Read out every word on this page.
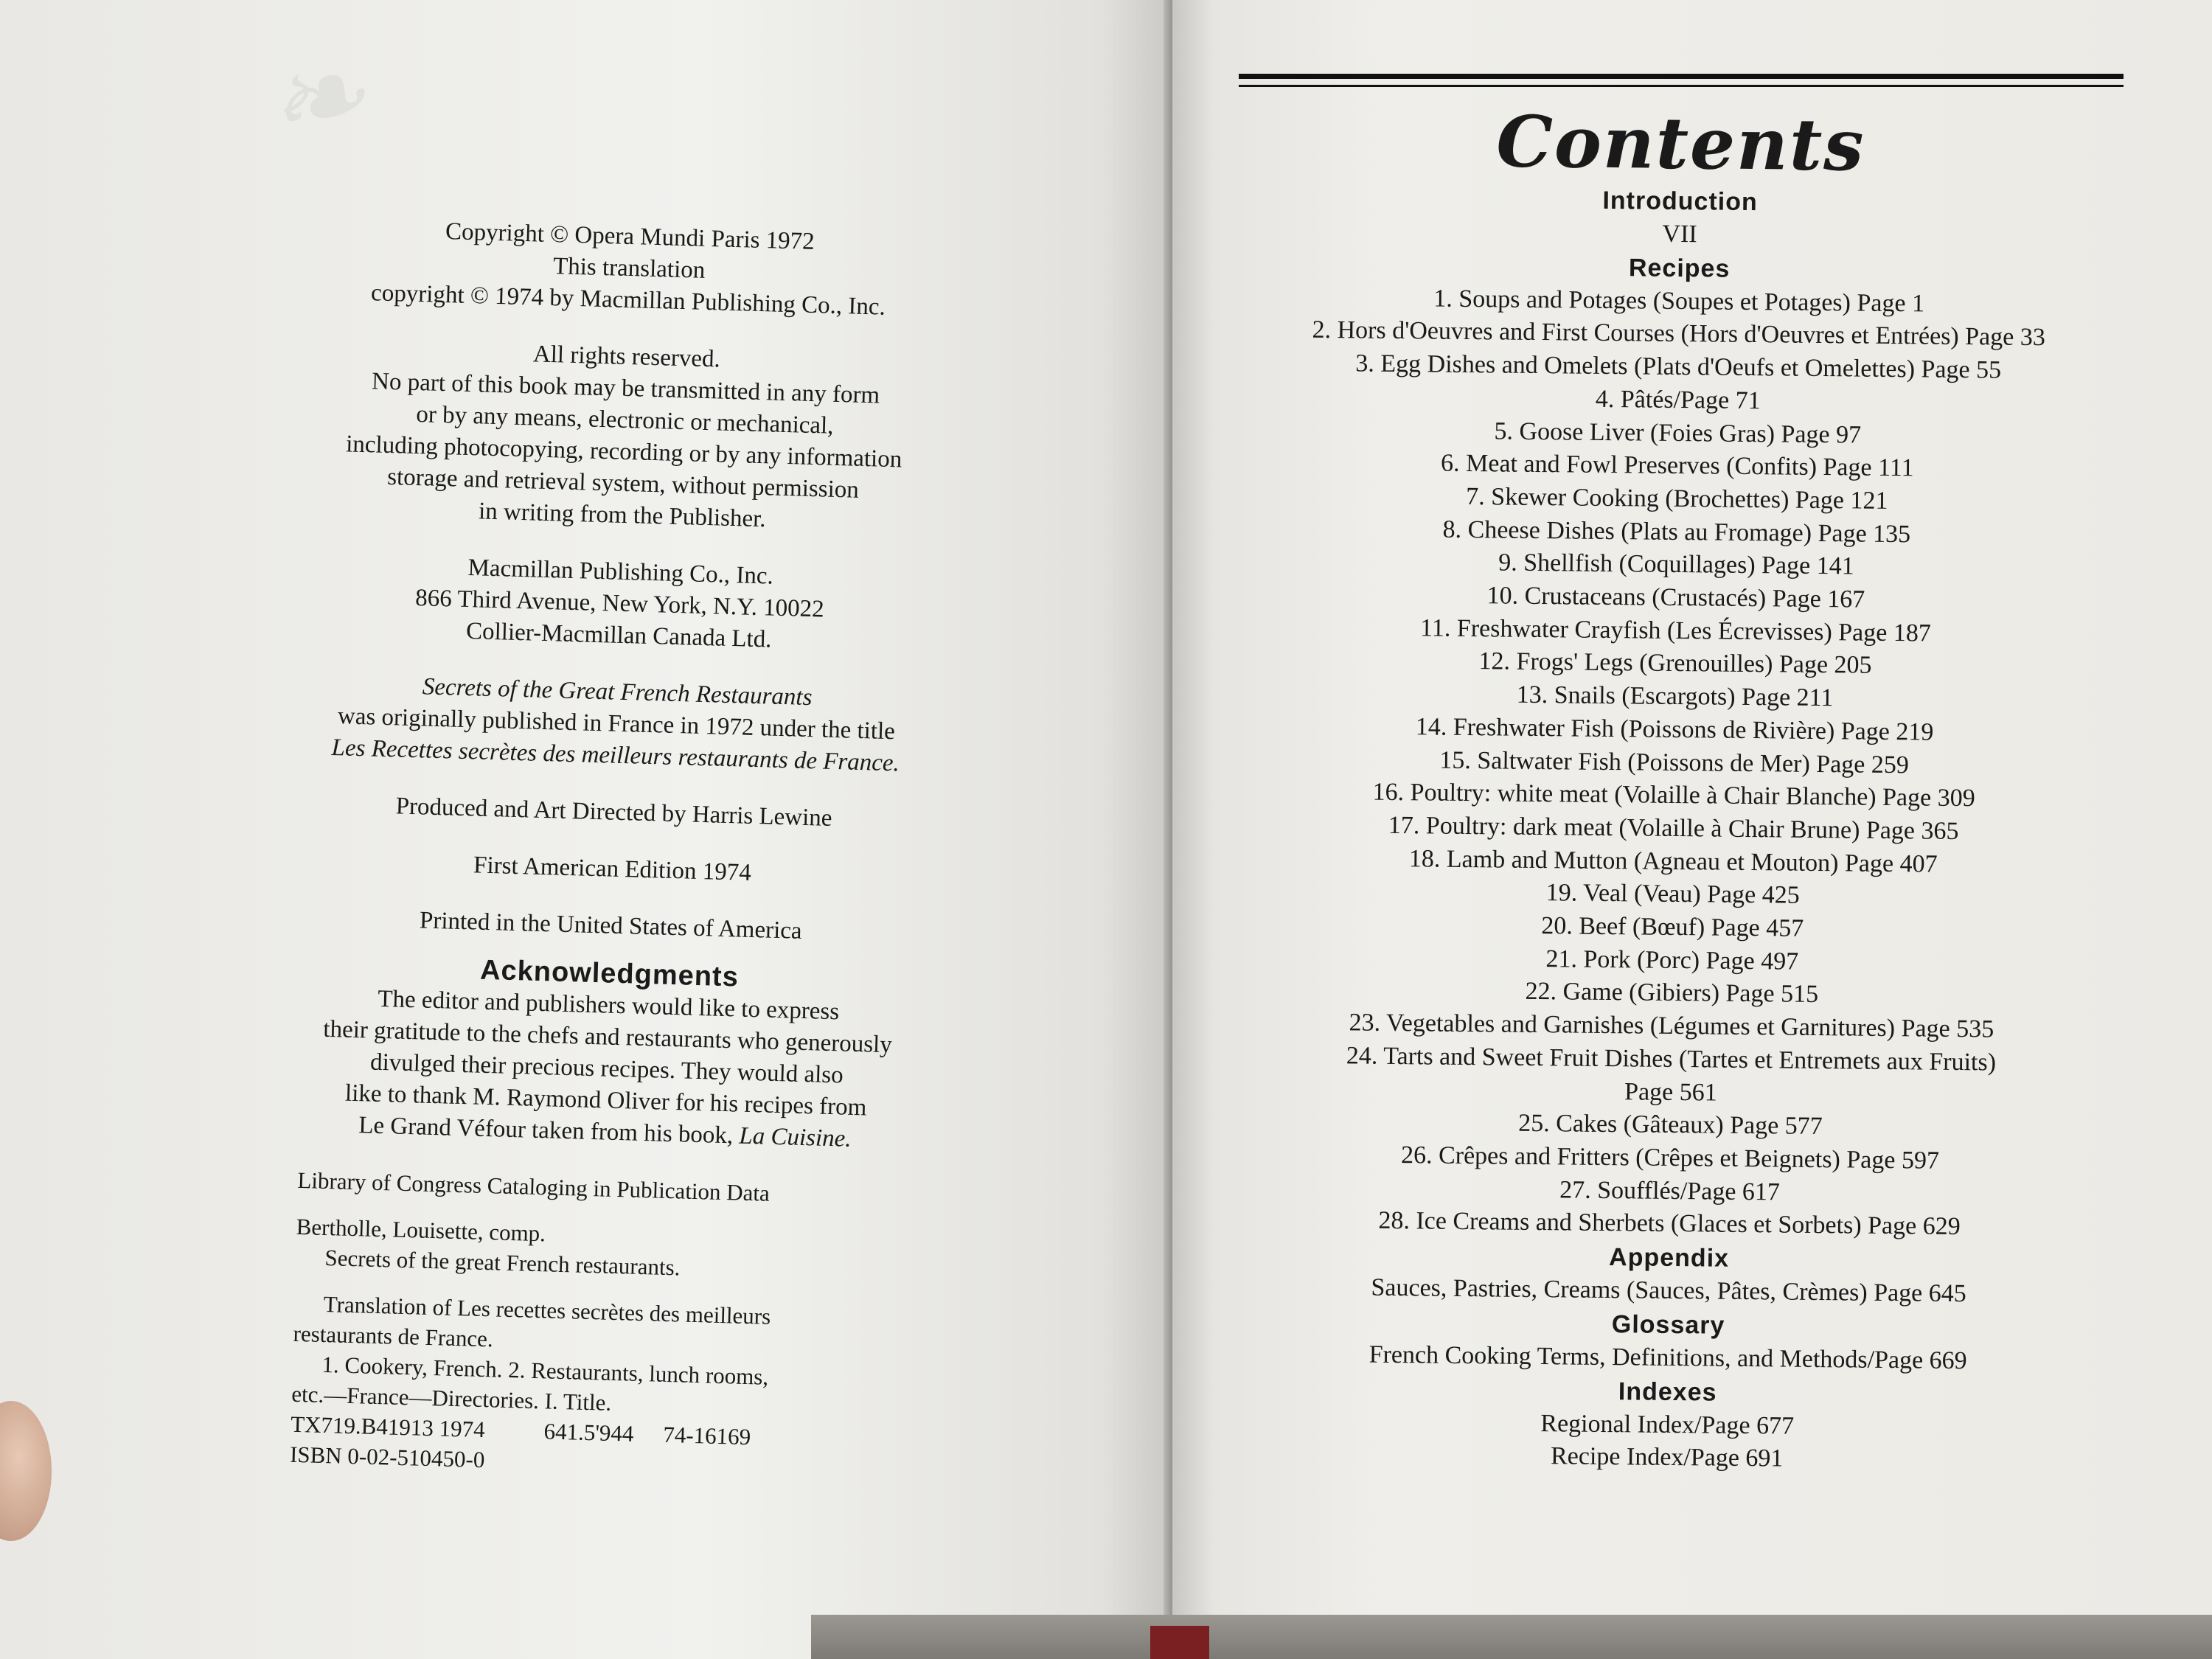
❧

Copyright © Opera Mundi Paris 1972

This translation

copyright © 1974 by Macmillan Publishing Co., Inc.

All rights reserved.

No part of this book may be transmitted in any form

or by any means, electronic or mechanical,

including photocopying, recording or by any information

storage and retrieval system, without permission

in writing from the Publisher.

Macmillan Publishing Co., Inc.

866 Third Avenue, New York, N.Y. 10022

Collier-Macmillan Canada Ltd.

Secrets of the Great French Restaurants

was originally published in France in 1972 under the title

Les Recettes secrètes des meilleurs restaurants de France.

Produced and Art Directed by Harris Lewine

First American Edition 1974

Printed in the United States of America

Acknowledgments

The editor and publishers would like to express

their gratitude to the chefs and restaurants who generously

divulged their precious recipes. They would also

like to thank M. Raymond Oliver for his recipes from

Le Grand Véfour taken from his book, La Cuisine.

Library of Congress Cataloging in Publication Data

Bertholle, Louisette, comp.

Secrets of the great French restaurants.

Translation of Les recettes secrètes des meilleurs

restaurants de France.

1. Cookery, French. 2. Restaurants, lunch rooms,

etc.—France—Directories. I. Title.

TX719.B41913 1974	641.5'944 74-16169

ISBN 0-02-510450-0

Contents

Introduction

VII

Recipes

1. Soups and Potages (Soupes et Potages) Page 1

2. Hors d'Oeuvres and First Courses (Hors d'Oeuvres et Entrées) Page 33

3. Egg Dishes and Omelets (Plats d'Oeufs et Omelettes) Page 55

4. Pâtés/Page 71

5. Goose Liver (Foies Gras) Page 97

6. Meat and Fowl Preserves (Confits) Page 111

7. Skewer Cooking (Brochettes) Page 121

8. Cheese Dishes (Plats au Fromage) Page 135

9. Shellfish (Coquillages) Page 141

10. Crustaceans (Crustacés) Page 167

11. Freshwater Crayfish (Les Écrevisses) Page 187

12. Frogs' Legs (Grenouilles) Page 205

13. Snails (Escargots) Page 211

14. Freshwater Fish (Poissons de Rivière) Page 219

15. Saltwater Fish (Poissons de Mer) Page 259

16. Poultry: white meat (Volaille à Chair Blanche) Page 309

17. Poultry: dark meat (Volaille à Chair Brune) Page 365

18. Lamb and Mutton (Agneau et Mouton) Page 407

19. Veal (Veau) Page 425

20. Beef (Bœuf) Page 457

21. Pork (Porc) Page 497

22. Game (Gibiers) Page 515

23. Vegetables and Garnishes (Légumes et Garnitures) Page 535

24. Tarts and Sweet Fruit Dishes (Tartes et Entremets aux Fruits)

Page 561

25. Cakes (Gâteaux) Page 577

26. Crêpes and Fritters (Crêpes et Beignets) Page 597

27. Soufflés/Page 617

28. Ice Creams and Sherbets (Glaces et Sorbets) Page 629

Appendix

Sauces, Pastries, Creams (Sauces, Pâtes, Crèmes) Page 645

Glossary

French Cooking Terms, Definitions, and Methods/Page 669

Indexes

Regional Index/Page 677

Recipe Index/Page 691
